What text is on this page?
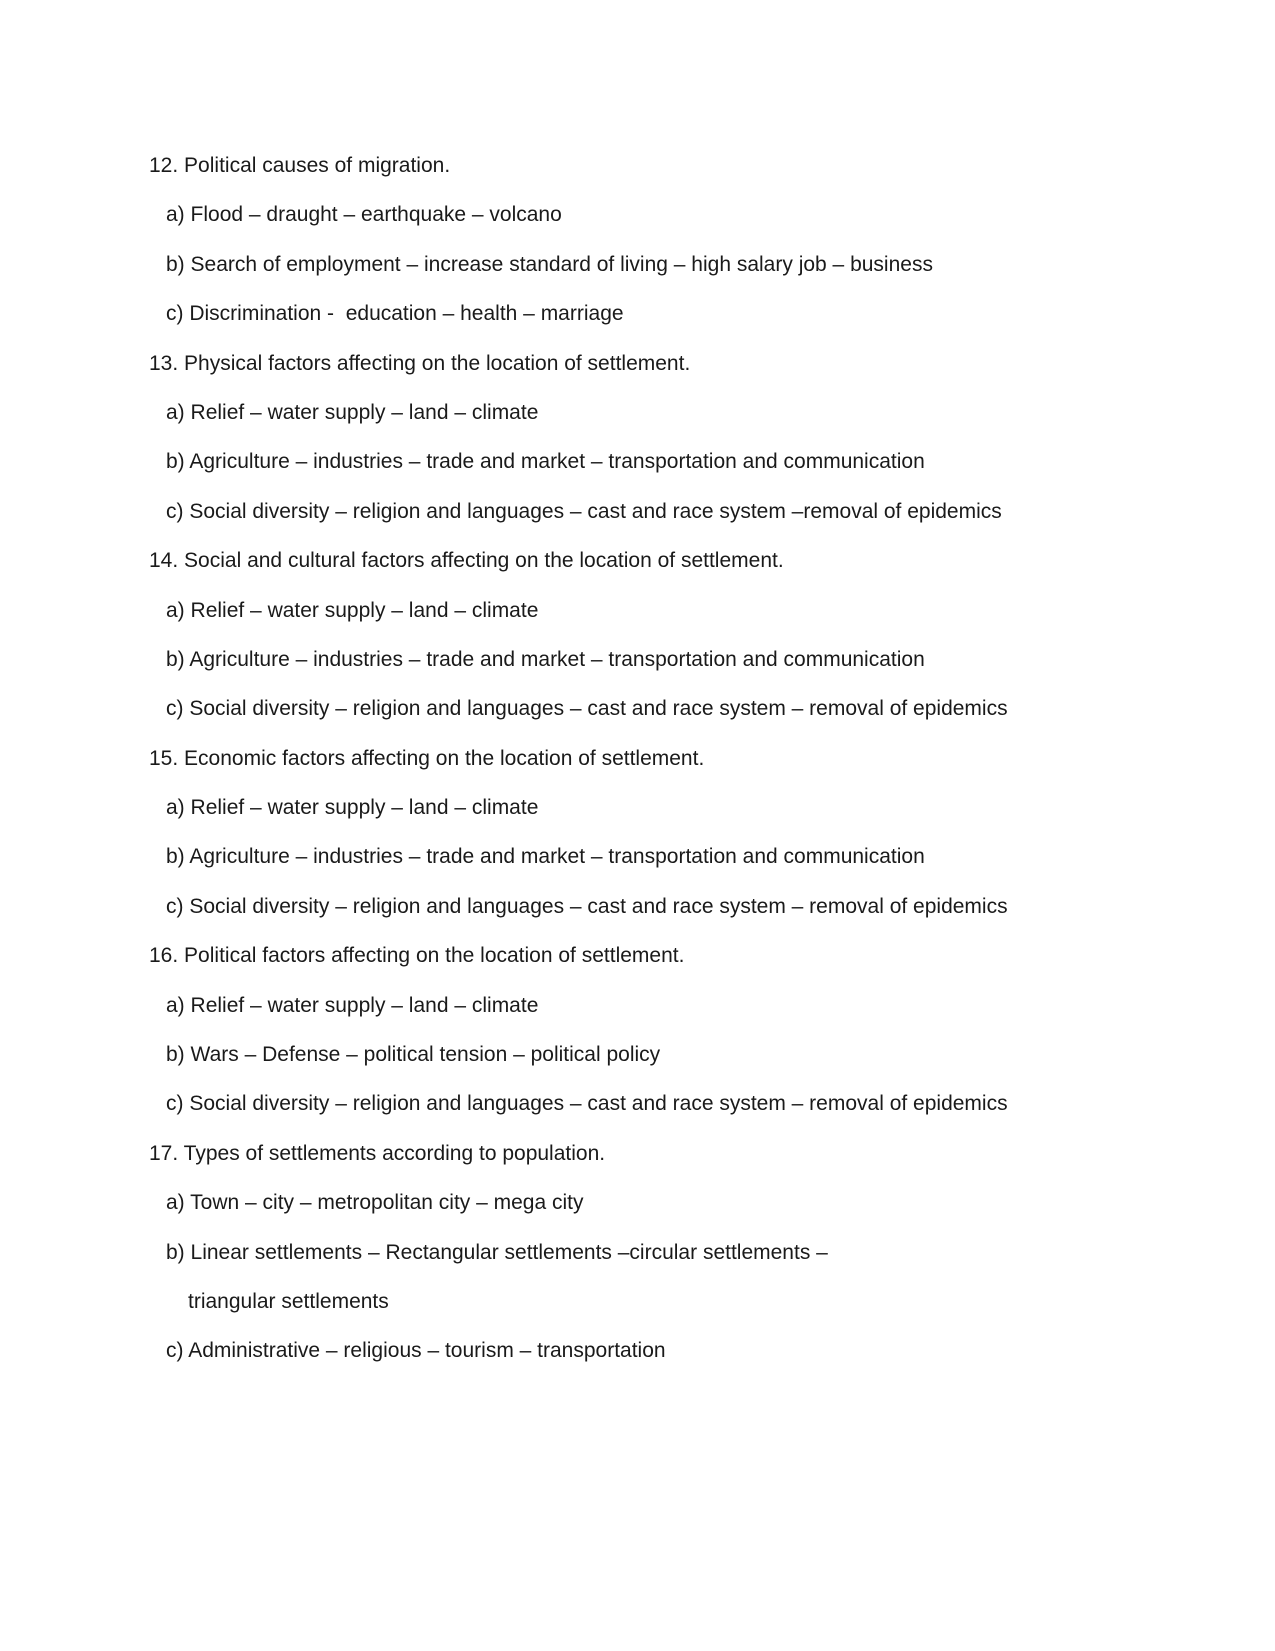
12. Political causes of migration.
a) Flood – draught – earthquake – volcano
b) Search of employment – increase standard of living – high salary job – business
c) Discrimination -  education – health – marriage
13. Physical factors affecting on the location of settlement.
a) Relief – water supply – land – climate
b) Agriculture – industries – trade and market – transportation and communication
c) Social diversity – religion and languages – cast and race system –removal of epidemics
14. Social and cultural factors affecting on the location of settlement.
a) Relief – water supply – land – climate
b) Agriculture – industries – trade and market – transportation and communication
c) Social diversity – religion and languages – cast and race system – removal of epidemics
15. Economic factors affecting on the location of settlement.
a) Relief – water supply – land – climate
b) Agriculture – industries – trade and market – transportation and communication
c) Social diversity – religion and languages – cast and race system – removal of epidemics
16. Political factors affecting on the location of settlement.
a) Relief – water supply – land – climate
b) Wars – Defense – political tension – political policy
c) Social diversity – religion and languages – cast and race system – removal of epidemics
17. Types of settlements according to population.
a) Town – city – metropolitan city – mega city
b) Linear settlements – Rectangular settlements –circular settlements –
triangular settlements
c) Administrative – religious – tourism – transportation
